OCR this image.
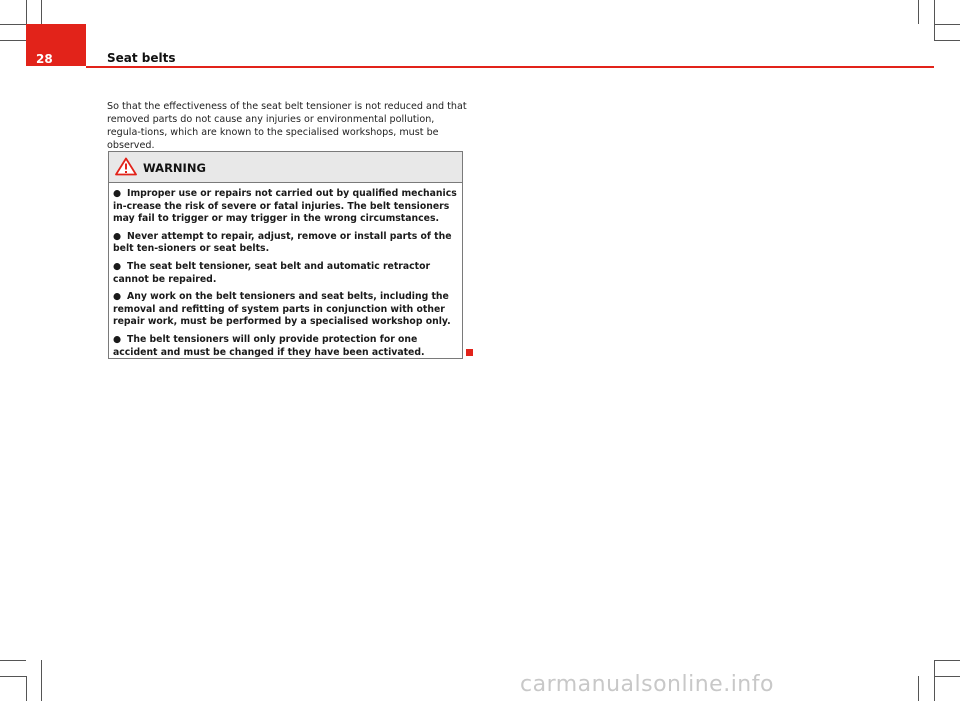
28	Seat belts

So that the effectiveness of the seat belt tensioner is not reduced and that removed parts do not cause any injuries or environmental pollution, regula-tions, which are known to the specialised workshops, must be observed.

WARNING
● Improper use or repairs not carried out by qualified mechanics in-crease the risk of severe or fatal injuries. The belt tensioners may fail to trigger or may trigger in the wrong circumstances.
● Never attempt to repair, adjust, remove or install parts of the belt ten-sioners or seat belts.
● The seat belt tensioner, seat belt and automatic retractor cannot be repaired.
● Any work on the belt tensioners and seat belts, including the removal and refitting of system parts in conjunction with other repair work, must be performed by a specialised workshop only.
● The belt tensioners will only provide protection for one accident and must be changed if they have been activated.
carmanualsonline.info
